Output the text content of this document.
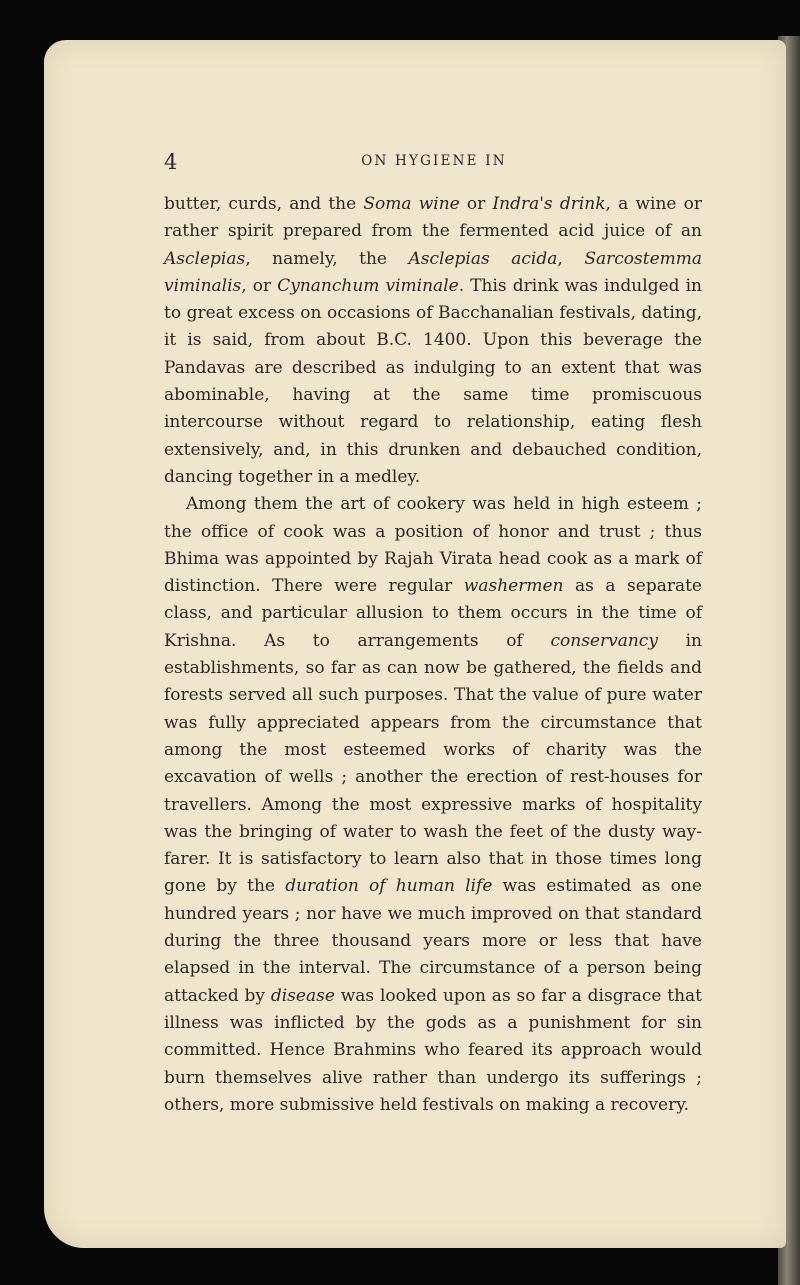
4	ON HYGIENE IN

butter, curds, and the Soma wine or Indra's drink, a wine or rather spirit prepared from the fermented acid juice of an Asclepias, namely, the Asclepias acida, Sarcostemma viminalis, or Cynanchum viminale. This drink was indulged in to great excess on occasions of Bacchanalian festivals, dating, it is said, from about B.C. 1400. Upon this beverage the Pandavas are described as indulging to an extent that was abominable, having at the same time promiscuous intercourse without regard to relationship, eating flesh extensively, and, in this drunken and debauched condition, dancing together in a medley.

Among them the art of cookery was held in high esteem ; the office of cook was a position of honor and trust ; thus Bhima was appointed by Rajah Virata head cook as a mark of distinction. There were regular washermen as a separate class, and particular allusion to them occurs in the time of Krishna. As to arrangements of conservancy in establishments, so far as can now be gathered, the fields and forests served all such purposes. That the value of pure water was fully appreciated appears from the circumstance that among the most esteemed works of charity was the excavation of wells ; another the erection of rest-houses for travellers. Among the most expressive marks of hospitality was the bringing of water to wash the feet of the dusty way-farer. It is satisfactory to learn also that in those times long gone by the duration of human life was estimated as one hundred years ; nor have we much improved on that standard during the three thousand years more or less that have elapsed in the interval. The circumstance of a person being attacked by disease was looked upon as so far a disgrace that illness was inflicted by the gods as a punishment for sin committed. Hence Brahmins who feared its approach would burn themselves alive rather than undergo its sufferings ; others, more submissive held festivals on making a recovery.
